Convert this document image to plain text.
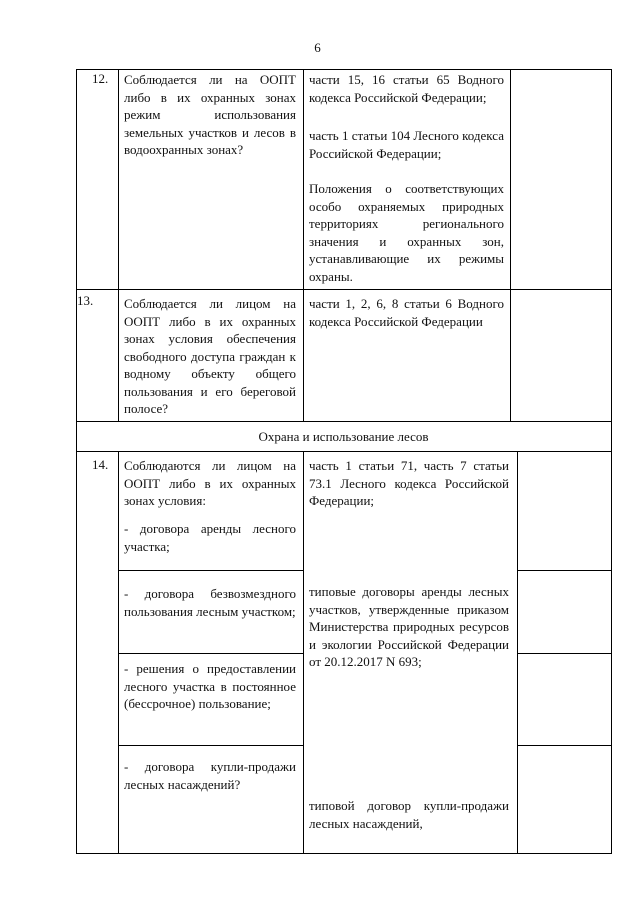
6
12. Соблюдается ли на ООПТ либо в их охранных зонах режим использования земельных участков и лесов в водоохранных зонах?
части 15, 16 статьи 65 Водного кодекса Российской Федерации;
часть 1 статьи 104 Лесного кодекса Российской Федерации;
Положения о соответствующих особо охраняемых природных территориях регионального значения и охранных зон, устанавливающие их режимы охраны.
13. Соблюдается ли лицом на ООПТ либо в их охранных зонах условия обеспечения свободного доступа граждан к водному объекту общего пользования и его береговой полосе?
части 1, 2, 6, 8 статьи 6 Водного кодекса Российской Федерации
Охрана и использование лесов
14. Соблюдаются ли лицом на ООПТ либо в их охранных зонах условия:
- договора аренды лесного участка;
- договора безвозмездного пользования лесным участком;
- решения о предоставлении лесного участка в постоянное (бессрочное) пользование;
- договора купли-продажи лесных насаждений?
часть 1 статьи 71, часть 7 статьи 73.1 Лесного кодекса Российской Федерации;
типовые договоры аренды лесных участков, утвержденные приказом Министерства природных ресурсов и экологии Российской Федерации от 20.12.2017 N 693;
типовой договор купли-продажи лесных насаждений,
